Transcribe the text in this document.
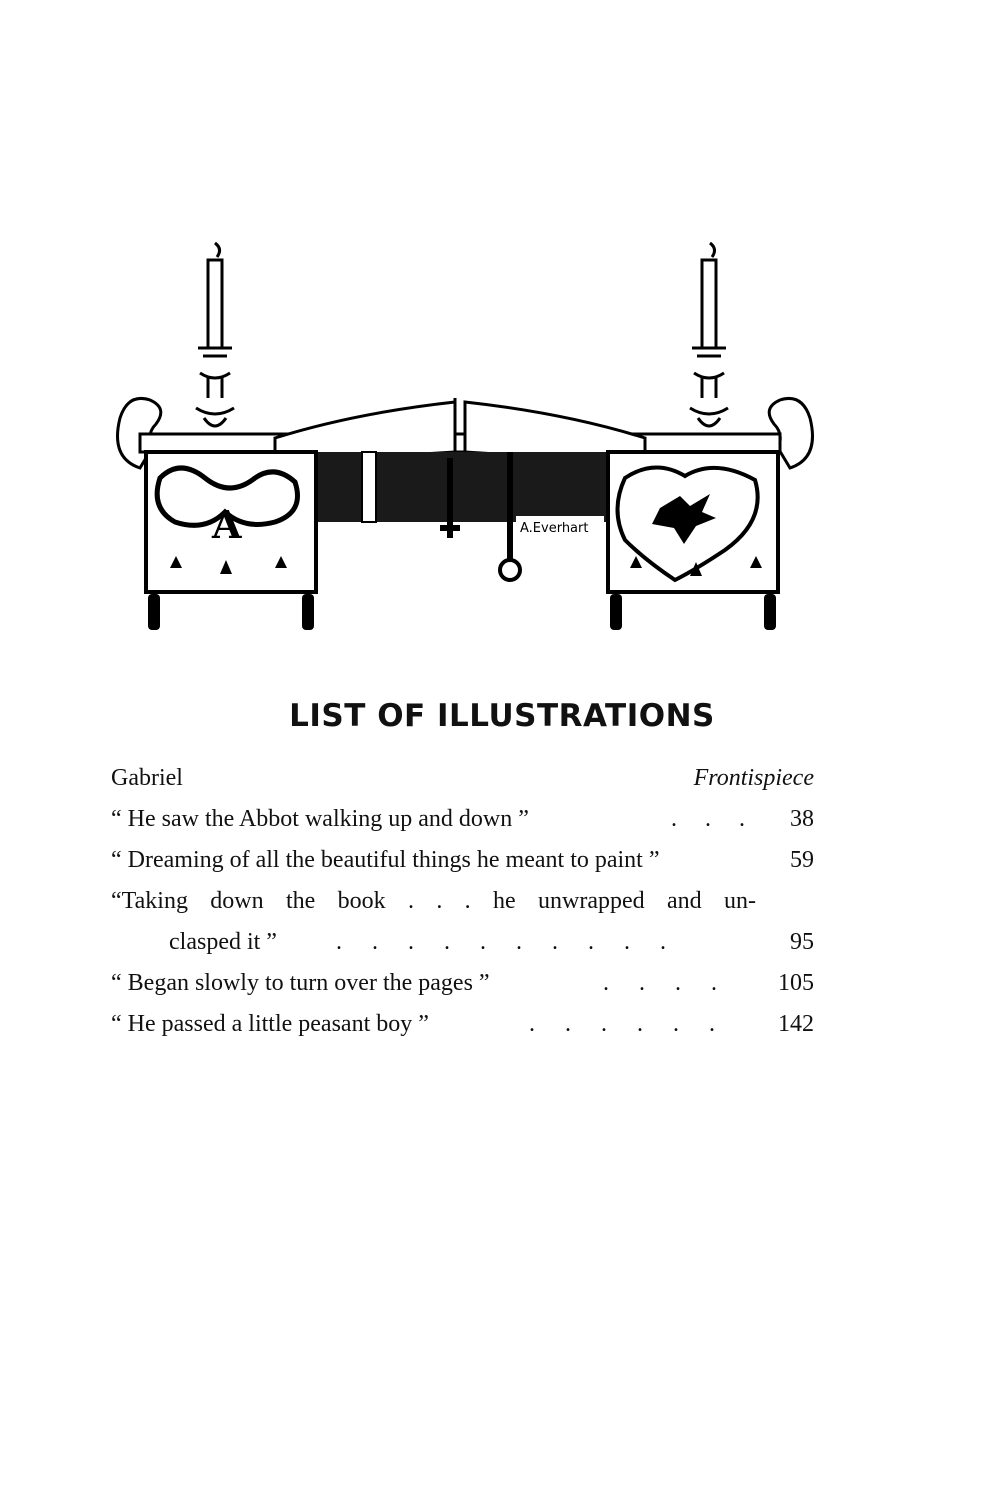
A.Everhart
A
LIST OF ILLUSTRATIONS
Gabriel	Frontispiece
“ He saw the Abbot walking up and down ”	. . . 38
“ Dreaming of all the beautiful things he meant to paint ”	59
“Taking down the book . . . he unwrapped and un-
clasped it ” . . . . . . . . . .	95
“ Began slowly to turn over the pages ”	. . . .	105
“ He passed a little peasant boy ”	. . . . . .	142
